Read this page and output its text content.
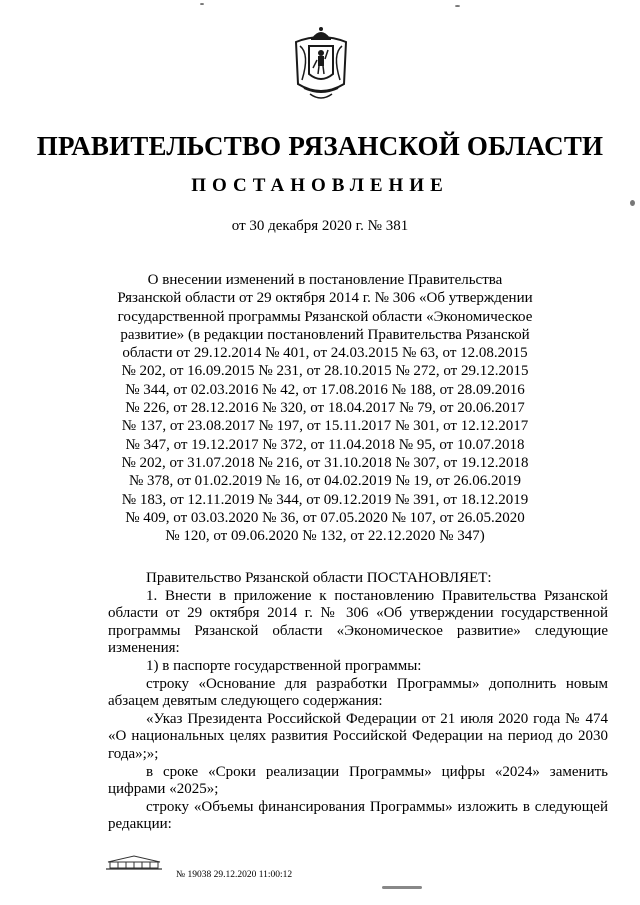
ПРАВИТЕЛЬСТВО РЯЗАНСКОЙ ОБЛАСТИ
ПОСТАНОВЛЕНИЕ
от 30 декабря 2020 г. № 381
О внесении изменений в постановление Правительства
Рязанской области от 29 октября 2014 г. № 306 «Об утверждении
государственной программы Рязанской области «Экономическое
развитие» (в редакции постановлений Правительства Рязанской
области от 29.12.2014 № 401, от 24.03.2015 № 63, от 12.08.2015
№ 202, от 16.09.2015 № 231, от 28.10.2015 № 272, от 29.12.2015
№ 344, от 02.03.2016 № 42, от 17.08.2016 № 188, от 28.09.2016
№ 226, от 28.12.2016 № 320, от 18.04.2017 № 79, от 20.06.2017
№ 137, от 23.08.2017 № 197, от 15.11.2017 № 301, от 12.12.2017
№ 347, от 19.12.2017 № 372, от 11.04.2018 № 95, от 10.07.2018
№ 202, от 31.07.2018 № 216, от 31.10.2018 № 307, от 19.12.2018
№ 378, от 01.02.2019 № 16, от 04.02.2019 № 19, от 26.06.2019
№ 183, от 12.11.2019 № 344, от 09.12.2019 № 391, от 18.12.2019
№ 409, от 03.03.2020 № 36, от 07.05.2020 № 107, от 26.05.2020
№ 120, от 09.06.2020 № 132, от 22.12.2020 № 347)

Правительство Рязанской области ПОСТАНОВЛЯЕТ:

1. Внести в приложение к постановлению Правительства Рязанской области от 29 октября 2014 г. № 306 «Об утверждении государственной программы Рязанской области «Экономическое развитие» следующие изменения:

1) в паспорте государственной программы:

строку «Основание для разработки Программы» дополнить новым абзацем девятым следующего содержания:

«Указ Президента Российской Федерации от 21 июля 2020 года № 474 «О национальных целях развития Российской Федерации на период до 2030 года»;»;

в сроке «Сроки реализации Программы» цифры «2024» заменить цифрами «2025»;

строку «Объемы финансирования Программы» изложить в следующей редакции:

№ 19038 29.12.2020 11:00:12
